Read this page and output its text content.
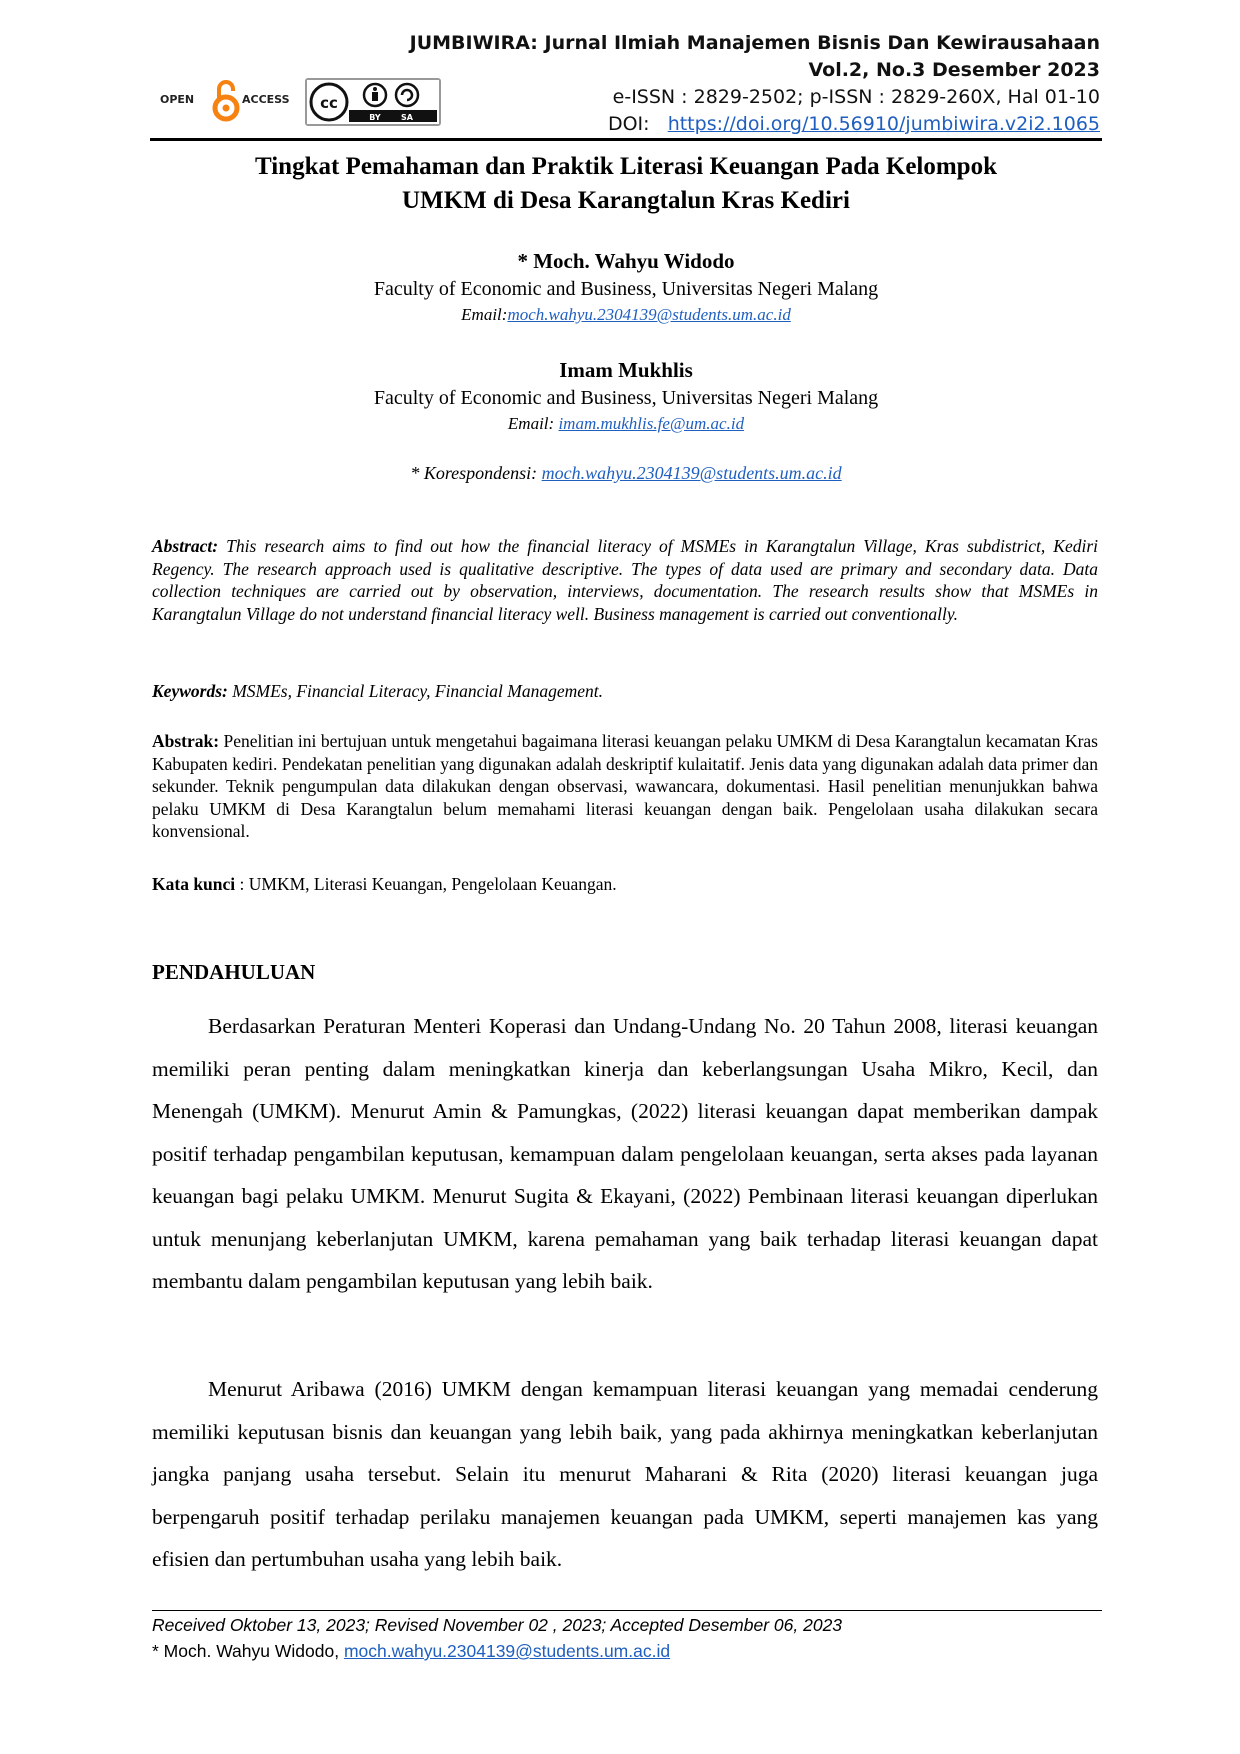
OPEN	ACCESS cc
BY	SA
JUMBIWIRA: Jurnal Ilmiah Manajemen Bisnis Dan Kewirausahaan
Vol.2, No.3 Desember 2023
e-ISSN : 2829-2502; p-ISSN : 2829-260X, Hal 01-10
DOI: https://doi.org/10.56910/jumbiwira.v2i2.1065
Tingkat Pemahaman dan Praktik Literasi Keuangan Pada Kelompok
UMKM di Desa Karangtalun Kras Kediri
* Moch. Wahyu Widodo
Faculty of Economic and Business, Universitas Negeri Malang
Email:moch.wahyu.2304139@students.um.ac.id
Imam Mukhlis
Faculty of Economic and Business, Universitas Negeri Malang
Email: imam.mukhlis.fe@um.ac.id
* Korespondensi: moch.wahyu.2304139@students.um.ac.id
Abstract: This research aims to find out how the financial literacy of MSMEs in Karangtalun Village, Kras subdistrict, Kediri Regency. The research approach used is qualitative descriptive. The types of data used are primary and secondary data. Data collection techniques are carried out by observation, interviews, documentation. The research results show that MSMEs in Karangtalun Village do not understand financial literacy well. Business management is carried out conventionally.
Keywords: MSMEs, Financial Literacy, Financial Management.
Abstrak: Penelitian ini bertujuan untuk mengetahui bagaimana literasi keuangan pelaku UMKM di Desa Karangtalun kecamatan Kras Kabupaten kediri. Pendekatan penelitian yang digunakan adalah deskriptif kulaitatif. Jenis data yang digunakan adalah data primer dan sekunder. Teknik pengumpulan data dilakukan dengan observasi, wawancara, dokumentasi. Hasil penelitian menunjukkan bahwa pelaku UMKM di Desa Karangtalun belum memahami literasi keuangan dengan baik. Pengelolaan usaha dilakukan secara konvensional.
Kata kunci : UMKM, Literasi Keuangan, Pengelolaan Keuangan.
PENDAHULUAN

Berdasarkan Peraturan Menteri Koperasi dan Undang-Undang No. 20 Tahun 2008, literasi keuangan memiliki peran penting dalam meningkatkan kinerja dan keberlangsungan Usaha Mikro, Kecil, dan Menengah (UMKM). Menurut Amin & Pamungkas, (2022) literasi keuangan dapat memberikan dampak positif terhadap pengambilan keputusan, kemampuan dalam pengelolaan keuangan, serta akses pada layanan keuangan bagi pelaku UMKM. Menurut Sugita & Ekayani, (2022) Pembinaan literasi keuangan diperlukan untuk menunjang keberlanjutan UMKM, karena pemahaman yang baik terhadap literasi keuangan dapat membantu dalam pengambilan keputusan yang lebih baik.

Menurut Aribawa (2016) UMKM dengan kemampuan literasi keuangan yang memadai cenderung memiliki keputusan bisnis dan keuangan yang lebih baik, yang pada akhirnya meningkatkan keberlanjutan jangka panjang usaha tersebut. Selain itu menurut Maharani & Rita (2020) literasi keuangan juga berpengaruh positif terhadap perilaku manajemen keuangan pada UMKM, seperti manajemen kas yang efisien dan pertumbuhan usaha yang lebih baik.

Received Oktober 13, 2023; Revised November 02 , 2023; Accepted Desember 06, 2023
* Moch. Wahyu Widodo, moch.wahyu.2304139@students.um.ac.id
